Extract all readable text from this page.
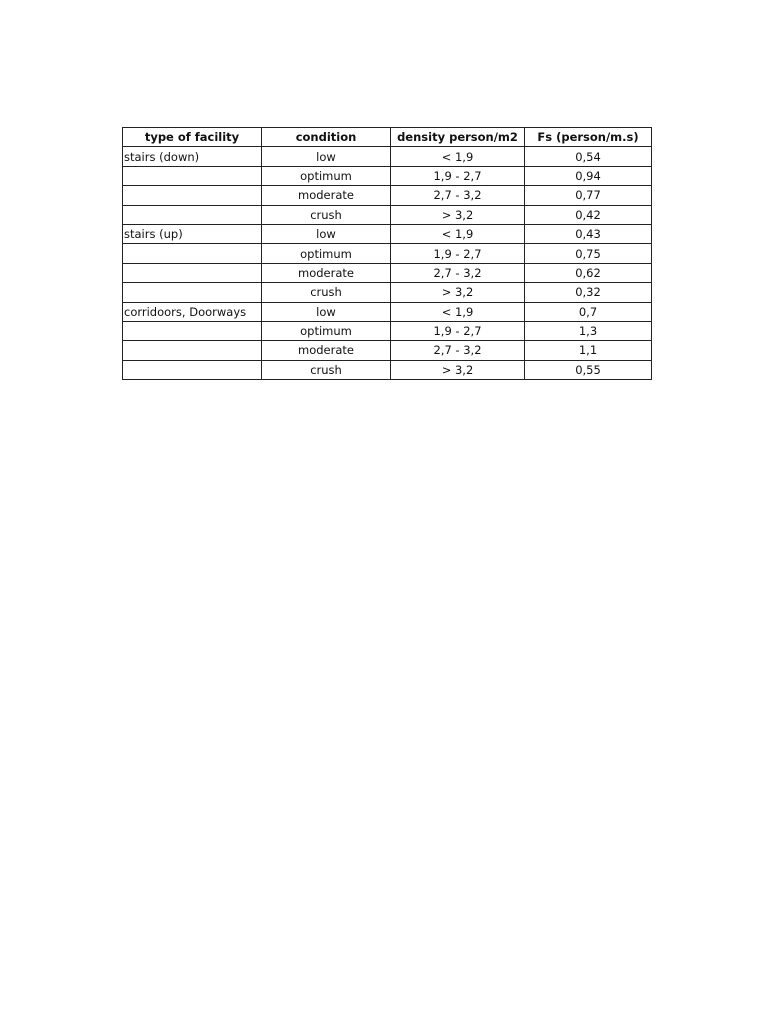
type of facility	condition	density person/m2	Fs (person/m.s)
stairs (down)	low	< 1,9	0,54
	optimum	1,9 - 2,7	0,94
	moderate	2,7 - 3,2	0,77
	crush	> 3,2	0,42
stairs (up)	low	< 1,9	0,43
	optimum	1,9 - 2,7	0,75
	moderate	2,7 - 3,2	0,62
	crush	> 3,2	0,32
corridoors, Doorways	low	< 1,9	0,7
	optimum	1,9 - 2,7	1,3
	moderate	2,7 - 3,2	1,1
	crush	> 3,2	0,55
